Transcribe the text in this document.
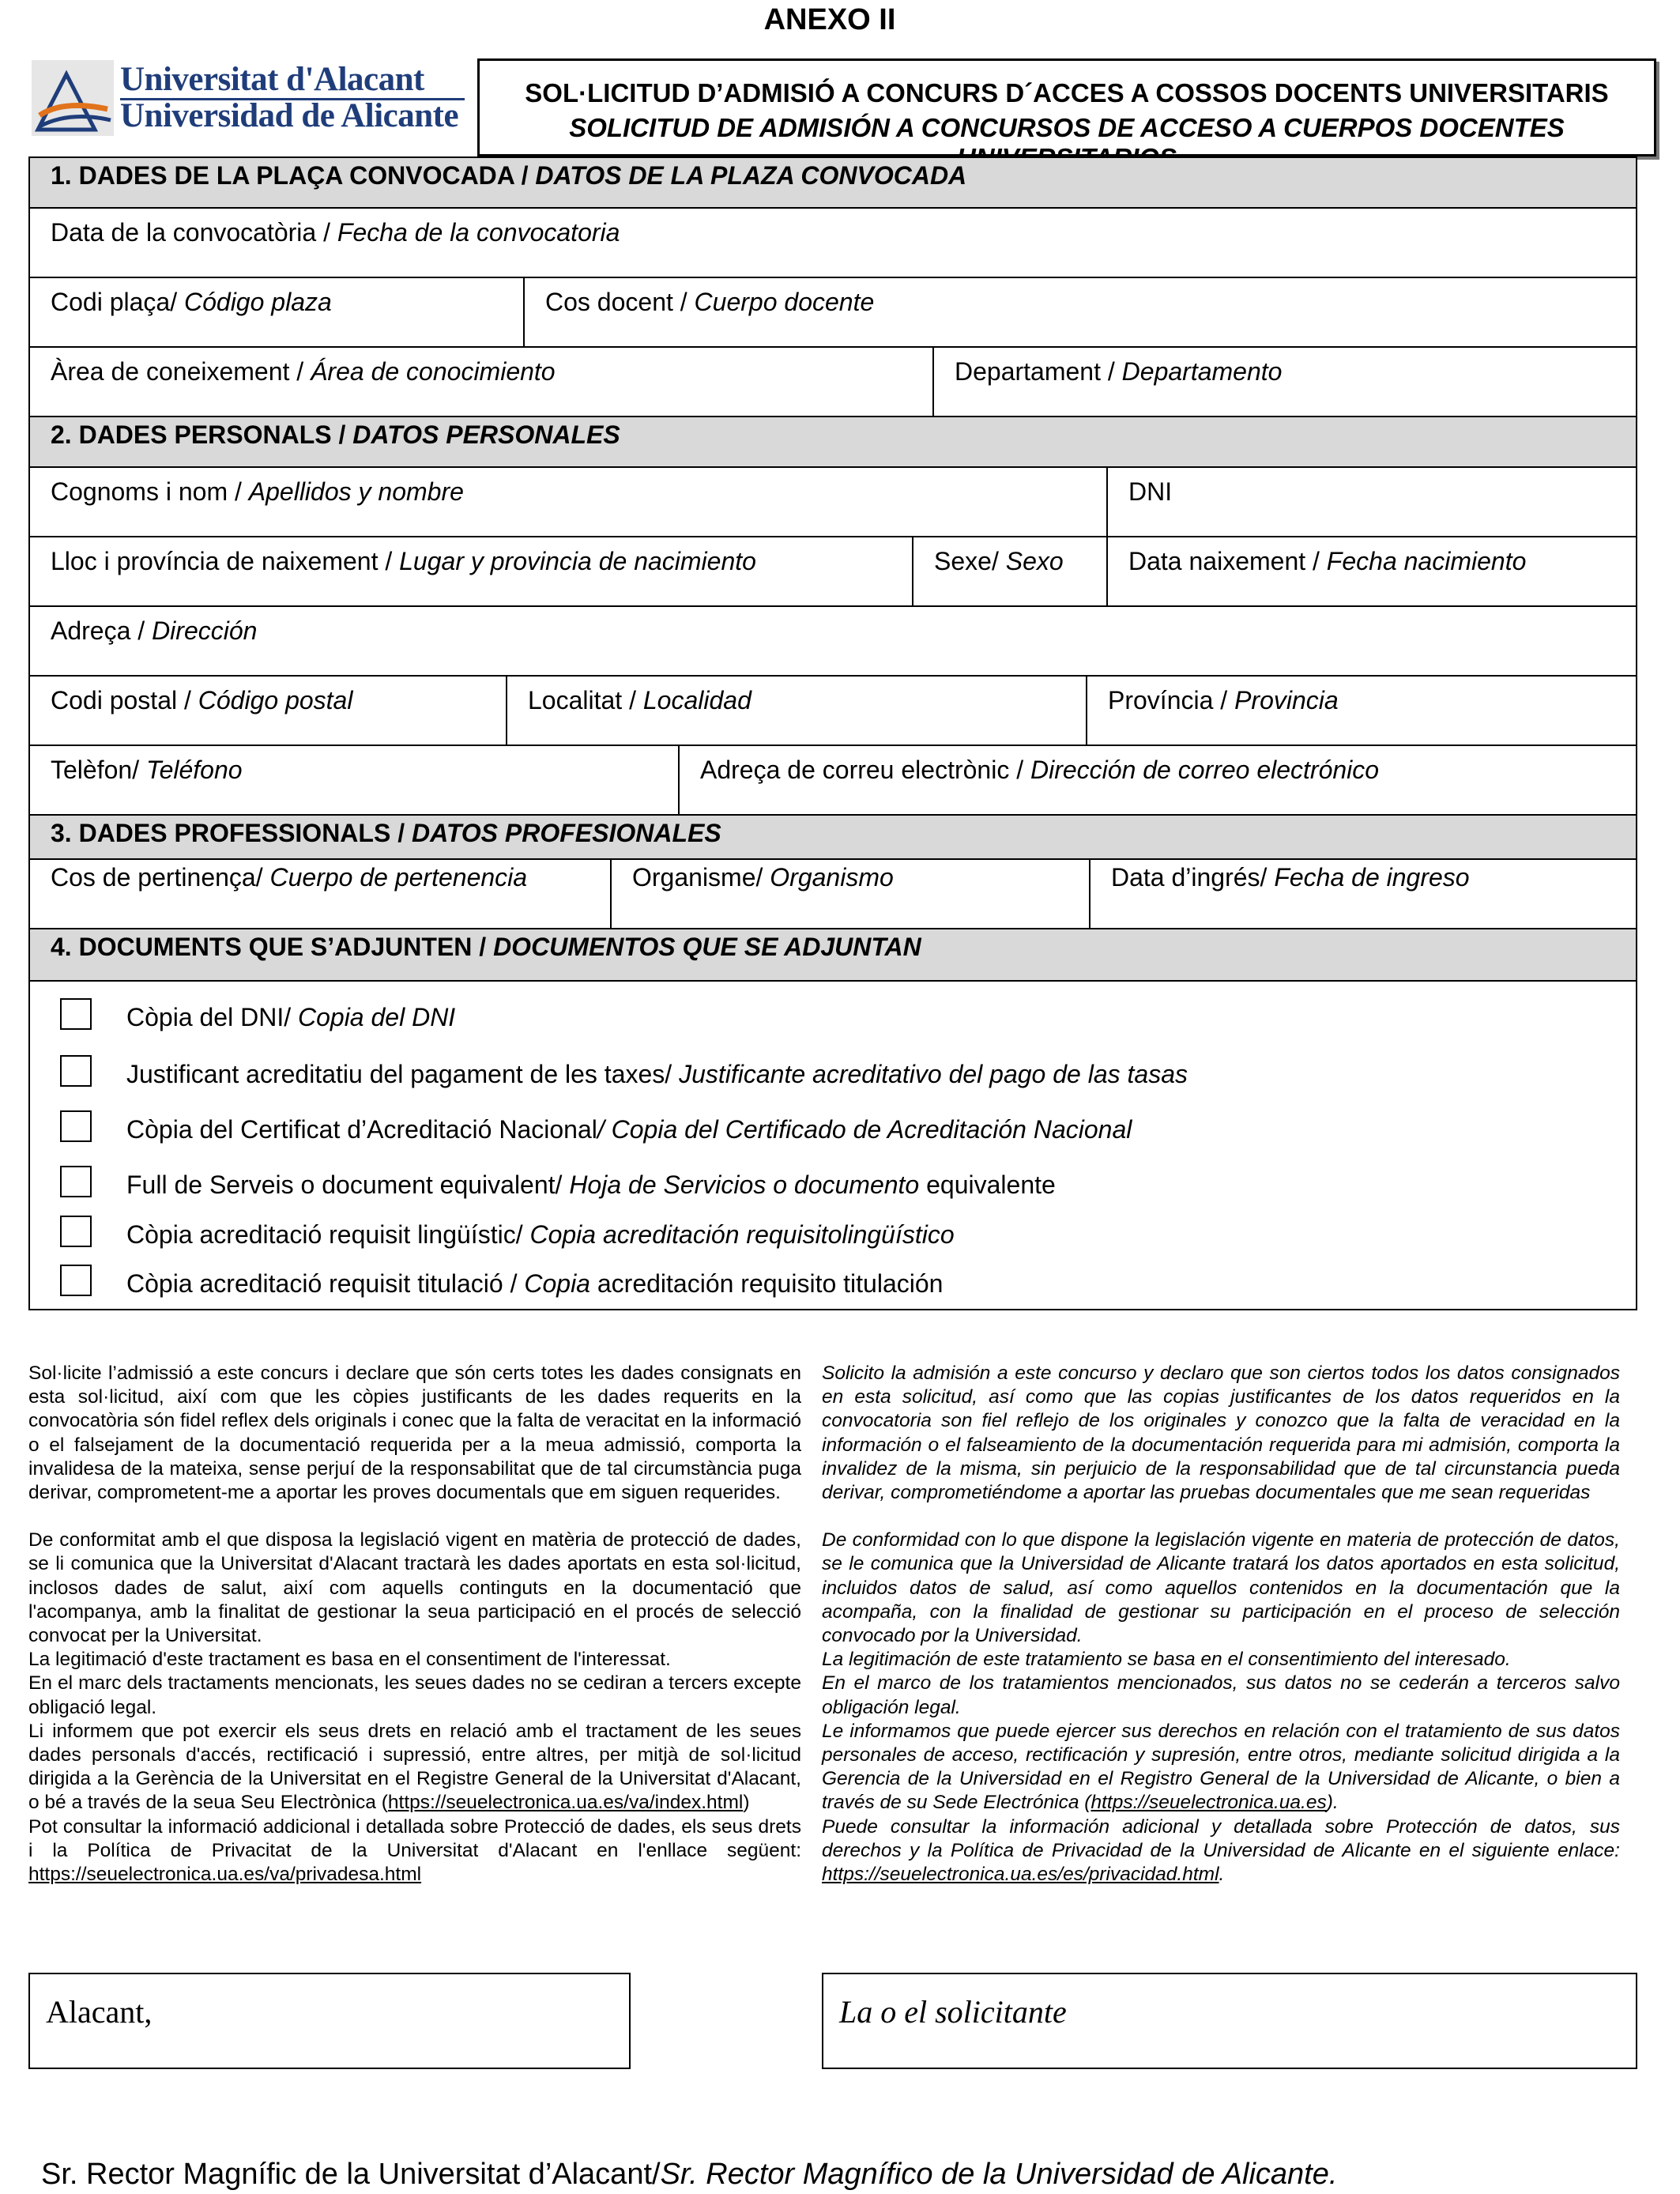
ANEXO II
Universitat d'Alacant
Universidad de Alicante
SOL·LICITUD D’ADMISIÓ A CONCURS D´ACCES A COSSOS DOCENTS UNIVERSITARIS
SOLICITUD DE ADMISIÓN A CONCURSOS DE ACCESO A CUERPOS DOCENTES
1. DADES DE LA PLAÇA CONVOCADA / DATOS DE LA PLAZA CONVOCADA
Data de la convocatòria / Fecha de la convocatoria
Codi plaça/ Código plaza	Cos docent / Cuerpo docente
Àrea de coneixement / Área de conocimiento	Departament / Departamento
2. DADES PERSONALS / DATOS PERSONALES
Cognoms i nom / Apellidos y nombre	DNI
Lloc i província de naixement / Lugar y provincia de nacimiento	Sexe/ Sexo	Data naixement / Fecha nacimiento
Adreça / Dirección
Codi postal / Código postal	Localitat / Localidad	Província / Provincia
Telèfon/ Teléfono	Adreça de correu electrònic / Dirección de correo electrónico
3. DADES PROFESSIONALS / DATOS PROFESIONALES
Cos de pertinença/ Cuerpo de pertenencia	Organisme/ Organismo	Data d’ingrés/ Fecha de ingreso
4. DOCUMENTS QUE S’ADJUNTEN / DOCUMENTOS QUE SE ADJUNTAN
Còpia del DNI/ Copia del DNI
Justificant acreditatiu del pagament de les taxes/ Justificante acreditativo del pago de las tasas
Còpia del Certificat d’Acreditació Nacional/ Copia del Certificado de Acreditación Nacional
Full de Serveis o document equivalent/ Hoja de Servicios o documento equivalente
Còpia acreditació requisit lingüístic/ Copia acreditación requisitolingüístico
Còpia acreditació requisit titulació / Copia acreditación requisito titulación

Sol·licite l’admissió a este concurs i declare que són certs totes les dades consignats en esta sol·licitud, així com que les còpies justificants de les dades requerits en la convocatòria són fidel reflex dels originals i conec que la falta de veracitat en la informació o el falsejament de la documentació requerida per a la meua admissió, comporta la invalidesa de la mateixa, sense perjuí de la responsabilitat que de tal circumstància puga derivar, comprometent-me a aportar les proves documentals que em siguen requerides.

De conformitat amb el que disposa la legislació vigent en matèria de protecció de dades, se li comunica que la Universitat d'Alacant tractarà les dades aportats en esta sol·licitud, inclosos dades de salut, així com aquells continguts en la documentació que l'acompanya, amb la finalitat de gestionar la seua participació en el procés de selecció convocat per la Universitat.

La legitimació d'este tractament es basa en el consentiment de l'interessat.

En el marc dels tractaments mencionats, les seues dades no se cediran a tercers excepte obligació legal.

Li informem que pot exercir els seus drets en relació amb el tractament de les seues dades personals d'accés, rectificació i supressió, entre altres, per mitjà de sol·licitud dirigida a la Gerència de la Universitat en el Registre General de la Universitat d'Alacant, o bé a través de la seua Seu Electrònica (https://seuelectronica.ua.es/va/index.html)

Pot consultar la informació addicional i detallada sobre Protecció de dades, els seus drets i la Política de Privacitat de la Universitat d'Alacant en l'enllace següent: https://seuelectronica.ua.es/va/privadesa.html

Solicito la admisión a este concurso y declaro que son ciertos todos los datos consignados en esta solicitud, así como que las copias justificantes de los datos requeridos en la convocatoria son fiel reflejo de los originales y conozco que la falta de veracidad en la información o el falseamiento de la documentación requerida para mi admisión, comporta la invalidez de la misma, sin perjuicio de la responsabilidad que de tal circunstancia pueda derivar, comprometiéndome a aportar las pruebas documentales que me sean requeridas

De conformidad con lo que dispone la legislación vigente en materia de protección de datos, se le comunica que la Universidad de Alicante tratará los datos aportados en esta solicitud, incluidos datos de salud, así como aquellos contenidos en la documentación que la acompaña, con la finalidad de gestionar su participación en el proceso de selección convocado por la Universidad.

La legitimación de este tratamiento se basa en el consentimiento del interesado.

En el marco de los tratamientos mencionados, sus datos no se cederán a terceros salvo obligación legal.

Le informamos que puede ejercer sus derechos en relación con el tratamiento de sus datos personales de acceso, rectificación y supresión, entre otros, mediante solicitud dirigida a la Gerencia de la Universidad en el Registro General de la Universidad de Alicante, o bien a través de su Sede Electrónica (https://seuelectronica.ua.es).

Puede consultar la información adicional y detallada sobre Protección de datos, sus derechos y la Política de Privacidad de la Universidad de Alicante en el siguiente enlace: https://seuelectronica.ua.es/es/privacidad.html.

Alacant,	La o el solicitante
Sr. Rector Magnífic de la Universitat d’Alacant/Sr. Rector Magnífico de la Universidad de Alicante.
